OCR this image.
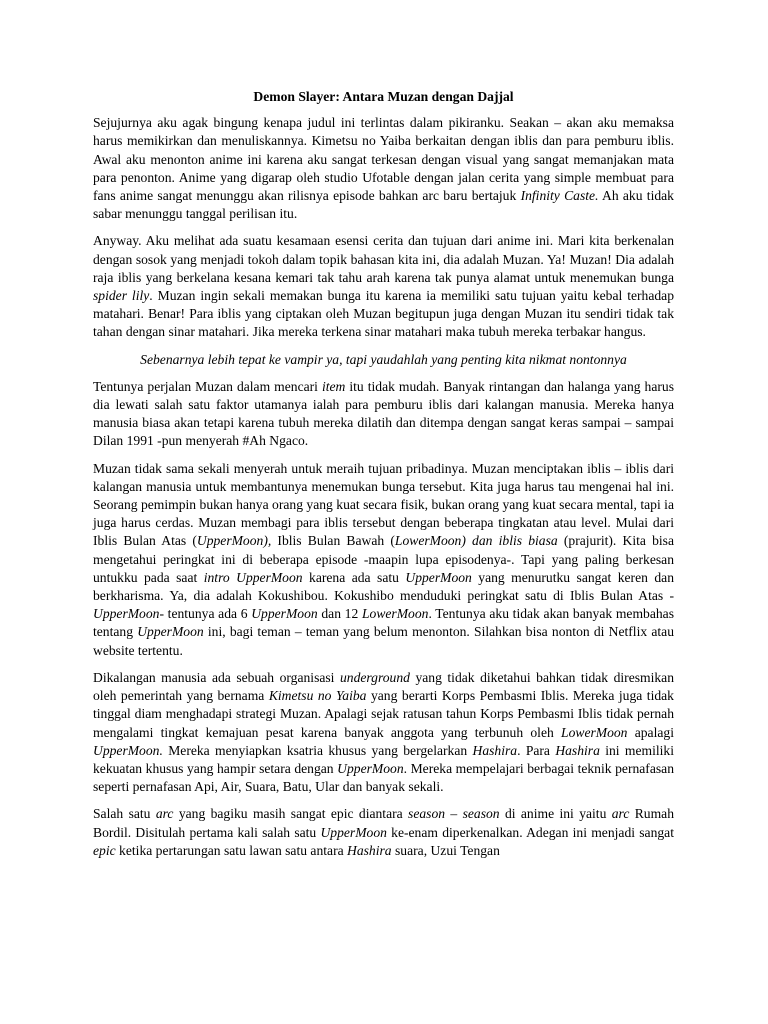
Demon Slayer: Antara Muzan dengan Dajjal

Sejujurnya aku agak bingung kenapa judul ini terlintas dalam pikiranku. Seakan – akan aku memaksa harus memikirkan dan menuliskannya. Kimetsu no Yaiba berkaitan dengan iblis dan para pemburu iblis. Awal aku menonton anime ini karena aku sangat terkesan dengan visual yang sangat memanjakan mata para penonton. Anime yang digarap oleh studio Ufotable dengan jalan cerita yang simple membuat para fans anime sangat menunggu akan rilisnya episode bahkan arc baru bertajuk Infinity Caste. Ah aku tidak sabar menunggu tanggal perilisan itu.

Anyway. Aku melihat ada suatu kesamaan esensi cerita dan tujuan dari anime ini. Mari kita berkenalan dengan sosok yang menjadi tokoh dalam topik bahasan kita ini, dia adalah Muzan. Ya! Muzan! Dia adalah raja iblis yang berkelana kesana kemari tak tahu arah karena tak punya alamat untuk menemukan bunga spider lily. Muzan ingin sekali memakan bunga itu karena ia memiliki satu tujuan yaitu kebal terhadap matahari. Benar! Para iblis yang ciptakan oleh Muzan begitupun juga dengan Muzan itu sendiri tidak tak tahan dengan sinar matahari. Jika mereka terkena sinar matahari maka tubuh mereka terbakar hangus.

Sebenarnya lebih tepat ke vampir ya, tapi yaudahlah yang penting kita nikmat nontonnya

Tentunya perjalan Muzan dalam mencari item itu tidak mudah. Banyak rintangan dan halanga yang harus dia lewati salah satu faktor utamanya ialah para pemburu iblis dari kalangan manusia. Mereka hanya manusia biasa akan tetapi karena tubuh mereka dilatih dan ditempa dengan sangat keras sampai – sampai Dilan 1991 -pun menyerah #Ah Ngaco.

Muzan tidak sama sekali menyerah untuk meraih tujuan pribadinya. Muzan menciptakan iblis – iblis dari kalangan manusia untuk membantunya menemukan bunga tersebut. Kita juga harus tau mengenai hal ini. Seorang pemimpin bukan hanya orang yang kuat secara fisik, bukan orang yang kuat secara mental, tapi ia juga harus cerdas. Muzan membagi para iblis tersebut dengan beberapa tingkatan atau level. Mulai dari Iblis Bulan Atas (UpperMoon), Iblis Bulan Bawah (LowerMoon) dan iblis biasa (prajurit). Kita bisa mengetahui peringkat ini di beberapa episode -maapin lupa episodenya-. Tapi yang paling berkesan untukku pada saat intro UpperMoon karena ada satu UpperMoon yang menurutku sangat keren dan berkharisma. Ya, dia adalah Kokushibou. Kokushibo menduduki peringkat satu di Iblis Bulan Atas -UpperMoon- tentunya ada 6 UpperMoon dan 12 LowerMoon. Tentunya aku tidak akan banyak membahas tentang UpperMoon ini, bagi teman – teman yang belum menonton. Silahkan bisa nonton di Netflix atau website tertentu.

Dikalangan manusia ada sebuah organisasi underground yang tidak diketahui bahkan tidak diresmikan oleh pemerintah yang bernama Kimetsu no Yaiba yang berarti Korps Pembasmi Iblis. Mereka juga tidak tinggal diam menghadapi strategi Muzan. Apalagi sejak ratusan tahun Korps Pembasmi Iblis tidak pernah mengalami tingkat kemajuan pesat karena banyak anggota yang terbunuh oleh LowerMoon apalagi UpperMoon. Mereka menyiapkan ksatria khusus yang bergelarkan Hashira. Para Hashira ini memiliki kekuatan khusus yang hampir setara dengan UpperMoon. Mereka mempelajari berbagai teknik pernafasan seperti pernafasan Api, Air, Suara, Batu, Ular dan banyak sekali.

Salah satu arc yang bagiku masih sangat epic diantara season – season di anime ini yaitu arc Rumah Bordil. Disitulah pertama kali salah satu UpperMoon ke-enam diperkenalkan. Adegan ini menjadi sangat epic ketika pertarungan satu lawan satu antara Hashira suara, Uzui Tengan
